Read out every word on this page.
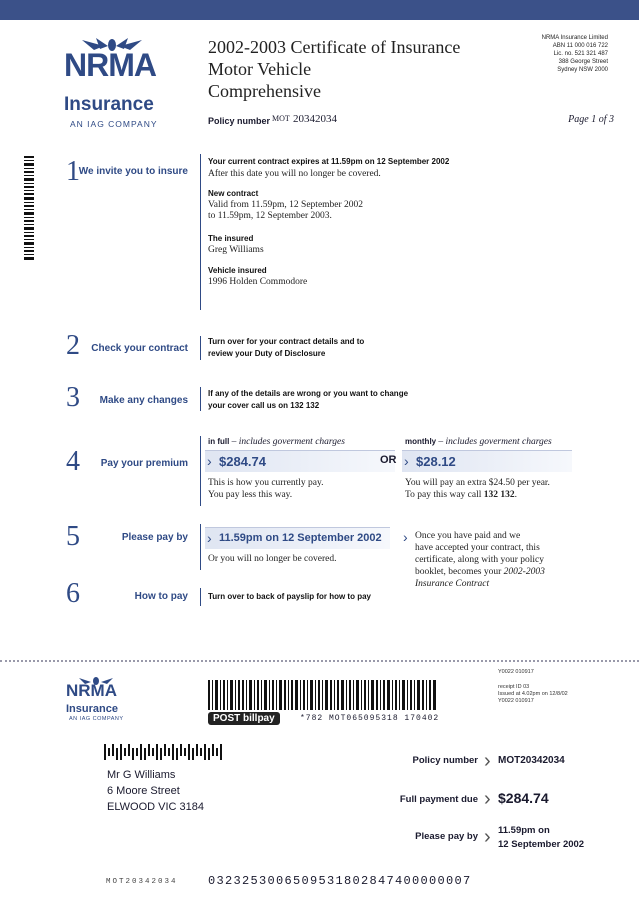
NRMA
Insurance
AN IAG COMPANY
2002-2003 Certificate of Insurance
Motor Vehicle
Comprehensive
Policy number MOT 20342034	Page 1 of 3
NRMA Insurance Limited
ABN 11 000 016 722
Lic. no. 521 321 487
388 George Street
Sydney NSW 2000
1
We invite you to insure
2	Check your contract
3	Make any changes
4	Pay your premium
5	Please pay by
6	How to pay
Your current contract expires at 11.59pm on 12 September 2002
After this date you will no longer be covered.
New contract
Valid from 11.59pm, 12 September 2002
to 11.59pm, 12 September 2003.
The insured
Greg Williams
Vehicle insured
1996 Holden Commodore
Turn over for your contract details and to
review your Duty of Disclosure
If any of the details are wrong or you want to change
your cover call us on 132 132
in full – includes goverment charges
› $284.74	OR
This is how you currently pay.
You pay less this way.
monthly – includes goverment charges
› $28.12
You will pay an extra $24.50 per year.
To pay this way call 132 132.
› 11.59pm on 12 September 2002
Or you will no longer be covered.
› Once you have paid and we
have accepted your contract, this
certificate, along with your policy
booklet, becomes your 2002-2003
Insurance Contract
Turn over to back of payslip for how to pay
NRMA
Insurance
AN IAG COMPANY
Y0022 010917
receipt ID 03
Issued at 4.02pm on 12/8/02
Y0022 010917
POST billpay	*782 MOT065095318 170402
Mr G Williams
6 Moore Street
ELWOOD VIC 3184
Policy number › MOT20342034
Full payment due › $284.74
Please pay by › 11.59pm on
12 September 2002
MOT20342034	0323253006509531802847400000007
